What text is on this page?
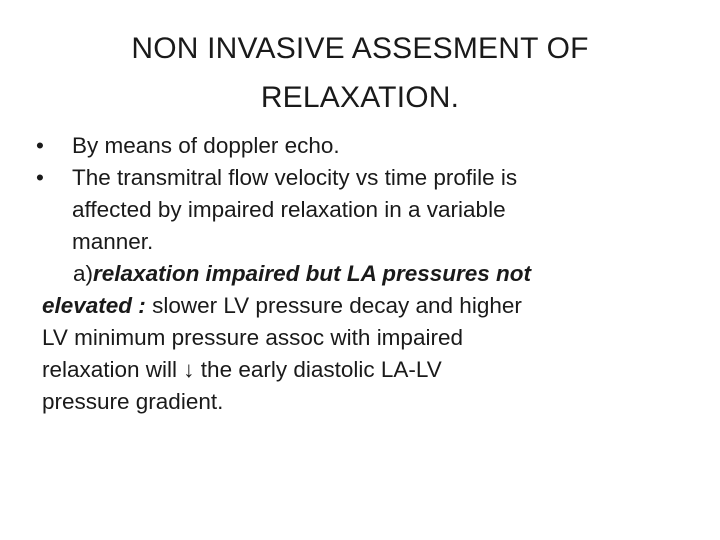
NON INVASIVE ASSESMENT OF
RELAXATION.
• By means of doppler echo.
• The transmitral flow velocity vs time profile is
affected by impaired relaxation in a variable
manner.
a)relaxation impaired but LA pressures not
elevated : slower LV pressure decay and higher
LV minimum pressure assoc with impaired
relaxation will ↓ the early diastolic LA-LV
pressure gradient.
